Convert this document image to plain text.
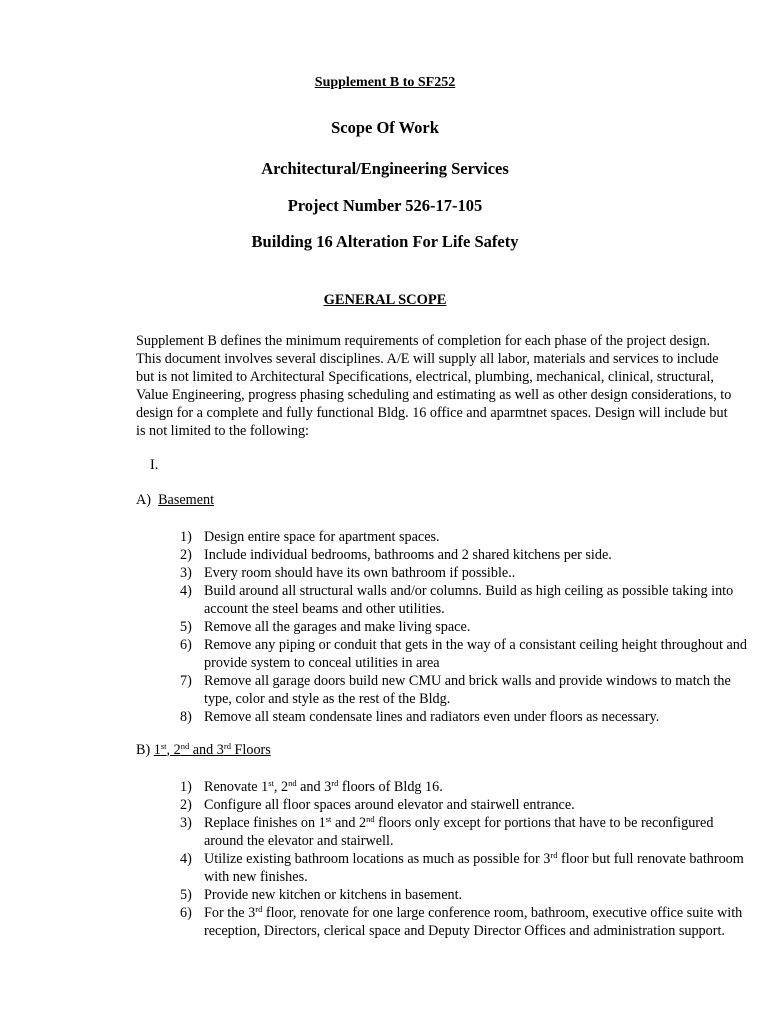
Supplement B to SF252
Scope Of Work
Architectural/Engineering Services
Project Number 526-17-105
Building 16 Alteration For Life Safety
GENERAL SCOPE

Supplement B defines the minimum requirements of completion for each phase of the project design. This document involves several disciplines. A/E will supply all labor, materials and services to include but is not limited to Architectural Specifications, electrical, plumbing, mechanical, clinical, structural, Value Engineering, progress phasing scheduling and estimating as well as other design considerations, to design for a complete and fully functional Bldg. 16 office and aparmtnet spaces. Design will include but is not limited to the following:

I.
A) Basement
1) Design entire space for apartment spaces.
2) Include individual bedrooms, bathrooms and 2 shared kitchens per side.
3) Every room should have its own bathroom if possible..
4) Build around all structural walls and/or columns. Build as high ceiling as possible taking into account the steel beams and other utilities.
5) Remove all the garages and make living space.
6) Remove any piping or conduit that gets in the way of a consistant ceiling height throughout and provide system to conceal utilities in area
7) Remove all garage doors build new CMU and brick walls and provide windows to match the type, color and style as the rest of the Bldg.
8) Remove all steam condensate lines and radiators even under floors as necessary.
B) 1st, 2nd and 3rd Floors
1) Renovate 1st, 2nd and 3rd floors of Bldg 16.
2) Configure all floor spaces around elevator and stairwell entrance.
3) Replace finishes on 1st and 2nd floors only except for portions that have to be reconfigured around the elevator and stairwell.
4) Utilize existing bathroom locations as much as possible for 3rd floor but full renovate bathroom with new finishes.
5) Provide new kitchen or kitchens in basement.
6) For the 3rd floor, renovate for one large conference room, bathroom, executive office suite with reception, Directors, clerical space and Deputy Director Offices and administration support.
